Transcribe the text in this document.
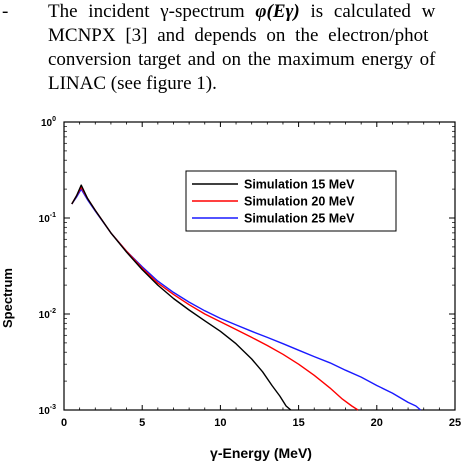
- The incident γ-spectrum φ(Eγ) is calculated w
MCNPX [3] and depends on the electron/phot
conversion target and on the maximum energy of
LINAC (see figure 1).
0	5	10	15	20	25
$10^0$
$10^{-1}$
$10^{-2}$
$10^{-3}$
Simulation 15 MeV
Simulation 20 MeV
Simulation 25 MeV
γ-Energy (MeV)
Spectrum
